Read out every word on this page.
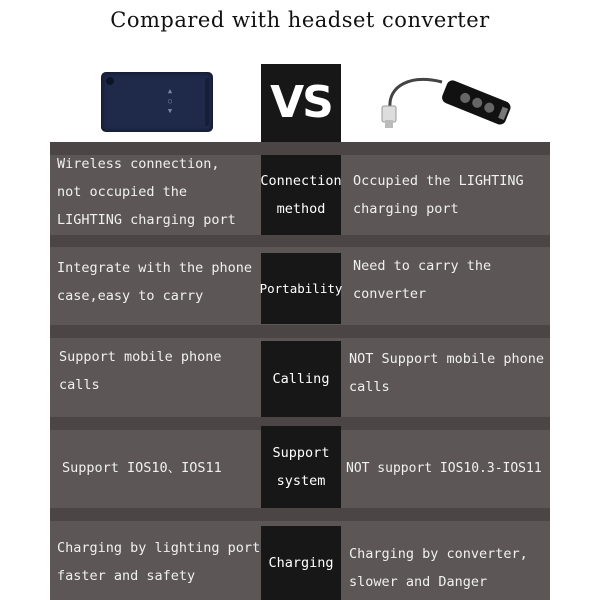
Compared with headset converter
▲
○
▼ VS
Connection
method
Portability
Calling
Support
system
Charging
Wireless connection,
not occupied the
LIGHTING charging port
Integrate with the phone
case,easy to carry
Support mobile phone
calls
Support IOS10、IOS11
Charging by lighting port
faster and safety
Occupied the LIGHTING
charging port
Need to carry the
converter
NOT Support mobile phone
calls
NOT support IOS10.3-IOS11
Charging by converter,
slower and Danger
